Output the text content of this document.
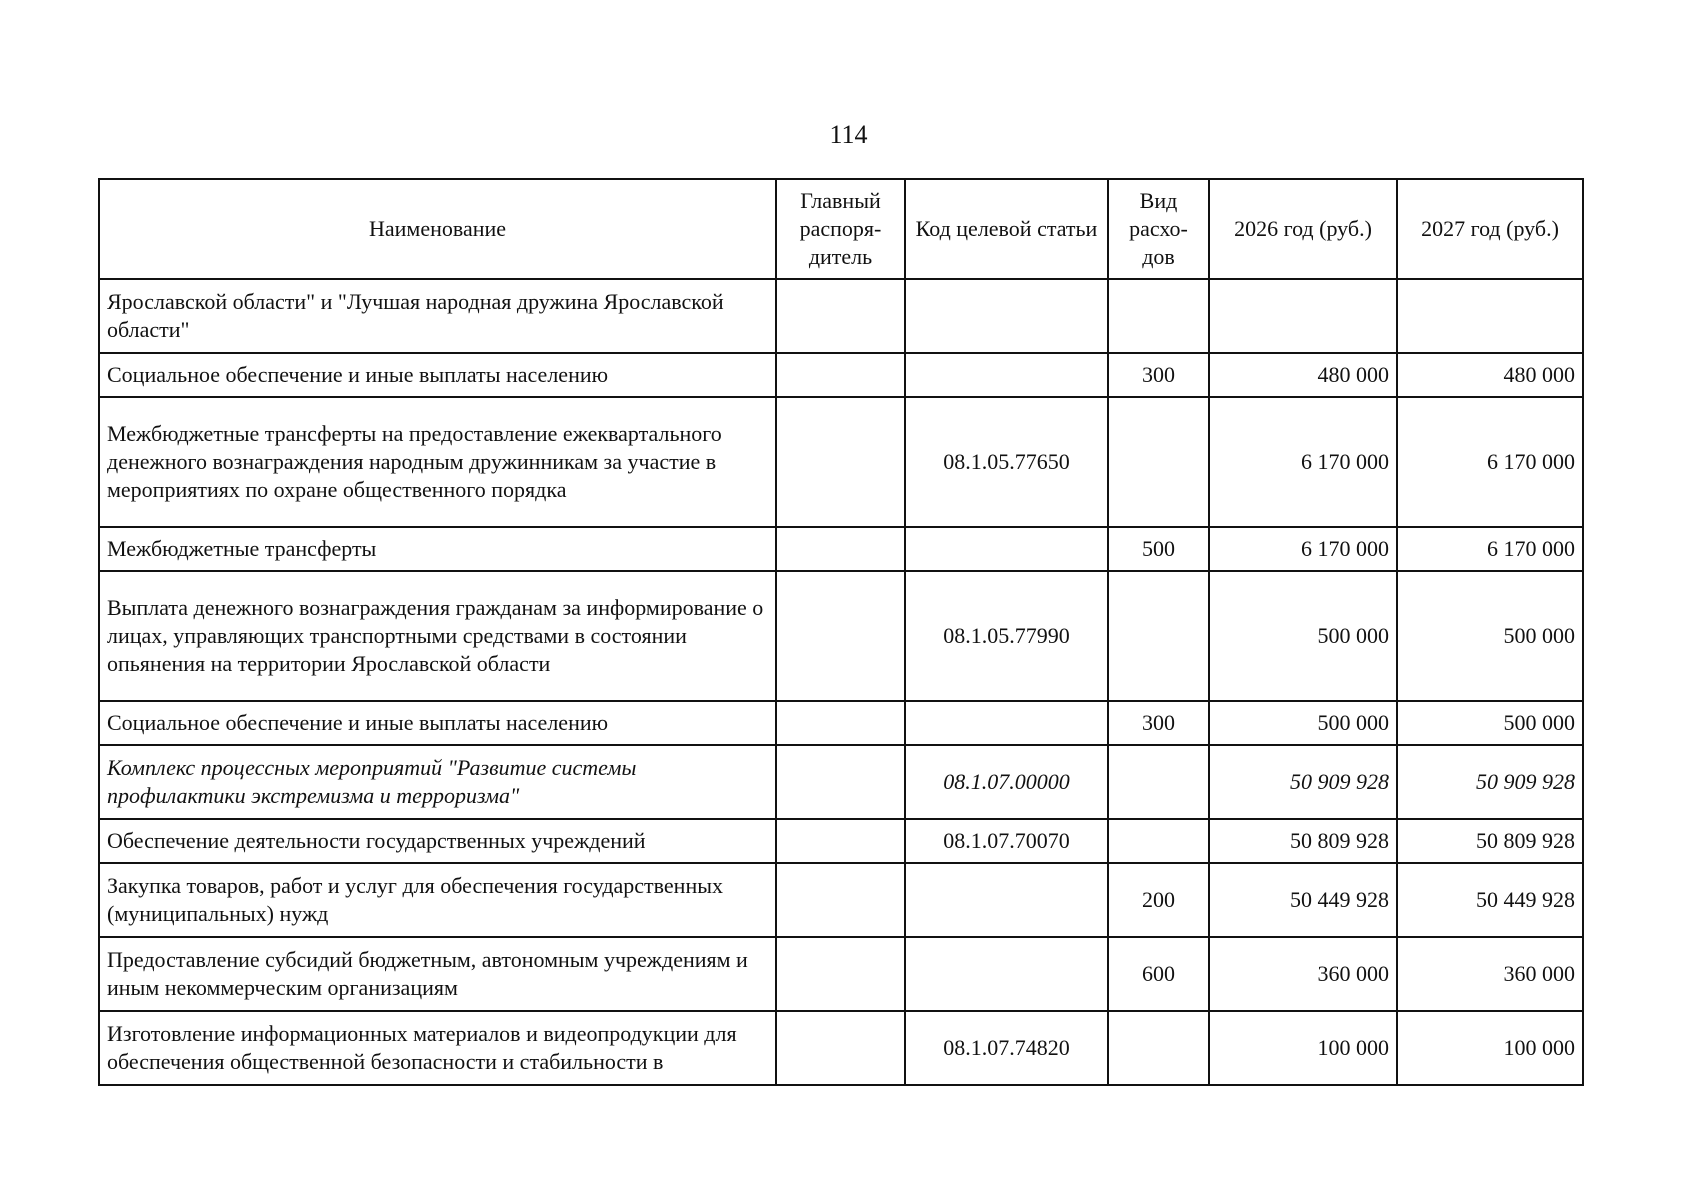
114
Наименование	Главный распоря-дитель	Код целевой статьи	Вид расхо-дов	2026 год (руб.)	2027 год (руб.)
Ярославской области" и "Лучшая народная дружина Ярославской области"					
Социальное обеспечение и иные выплаты населению			300	480 000	480 000
Межбюджетные трансферты на предоставление ежеквартального денежного вознаграждения народным дружинникам за участие в мероприятиях по охране общественного порядка		08.1.05.77650		6 170 000	6 170 000
Межбюджетные трансферты			500	6 170 000	6 170 000
Выплата денежного вознаграждения гражданам за информирование о лицах, управляющих транспортными средствами в состоянии опьянения на территории Ярославской области		08.1.05.77990		500 000	500 000
Социальное обеспечение и иные выплаты населению			300	500 000	500 000
Комплекс процессных мероприятий "Развитие системы профилактики экстремизма и терроризма"		08.1.07.00000		50 909 928	50 909 928
Обеспечение деятельности государственных учреждений		08.1.07.70070		50 809 928	50 809 928
Закупка товаров, работ и услуг для обеспечения государственных (муниципальных) нужд			200	50 449 928	50 449 928
Предоставление субсидий бюджетным, автономным учреждениям и иным некоммерческим организациям			600	360 000	360 000
Изготовление информационных материалов и видеопродукции для обеспечения общественной безопасности и стабильности в		08.1.07.74820		100 000	100 000
